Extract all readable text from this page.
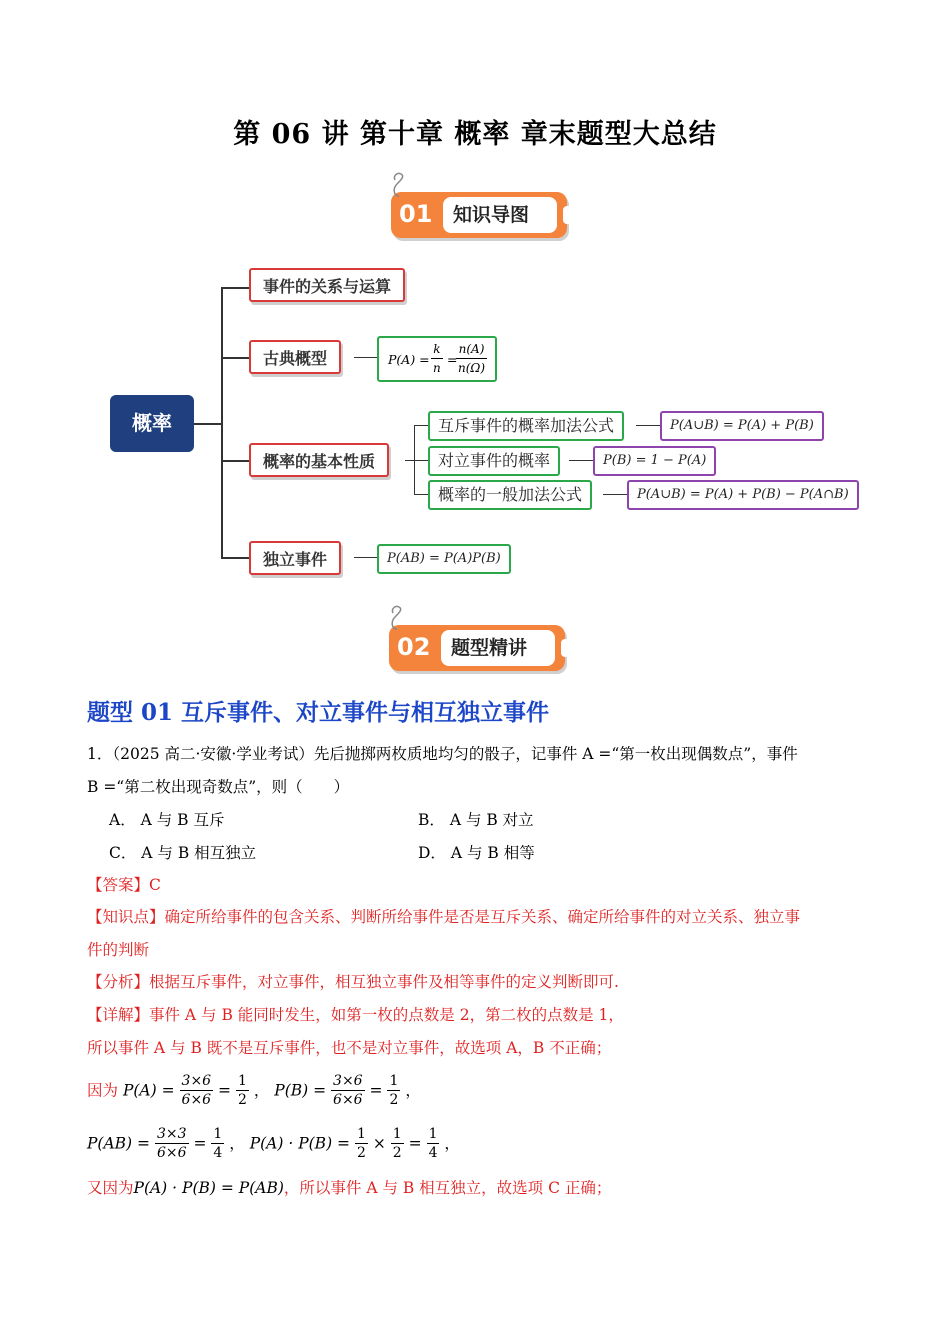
第 06 讲 第十章 概率 章末题型大总结
01	知识导图
概率
事件的关系与运算
古典概型
概率的基本性质
独立事件
$P(A) = \frac{k}{n}$ =
$\frac{n(A)}{n(\Omega)}$
互斥事件的概率加法公式
对立事件的概率
概率的一般加法公式
P(A∪B) = P(A) + P(B)
P(B) = 1 − P(A)
P(A∪B) = P(A) + P(B) − P(A∩B)
P(AB) = P(A)P(B)
02	题型精讲
题型 01 互斥事件、对立事件与相互独立事件
1．（2025 高二·安徽·学业考试）先后抛掷两枚质地均匀的骰子，记事件 A =“第一枚出现偶数点”，事件
B =“第二枚出现奇数点”，则（　　）
A． A 与 B 互斥	B． A 与 B 对立
C． A 与 B 相互独立	D． A 与 B 相等
【答案】C
【知识点】确定所给事件的包含关系、判断所给事件是否是互斥关系、确定所给事件的对立关系、独立事
件的判断
【分析】根据互斥事件，对立事件，相互独立事件及相等事件的定义判断即可.
【详解】事件 A 与 B 能同时发生，如第一枚的点数是 2，第二枚的点数是 1，
所以事件 A 与 B 既不是互斥事件，也不是对立事件，故选项 A，B 不正确；
因为 $P(A) = \frac{3\times 6}{6\times 6} = \frac{1}{2}$ ， $P(B) = \frac{3\times 6}{6\times 6} = \frac{1}{2}$ ，
$P(AB) = \frac{3\times 3}{6\times 6} = \frac{1}{4}$ ， $P(A) \cdot P(B) = \frac{1}{2} \times \frac{1}{2} = \frac{1}{4}$ ，
又因为P(A) · P(B) = P(AB)，所以事件 A 与 B 相互独立，故选项 C 正确；
